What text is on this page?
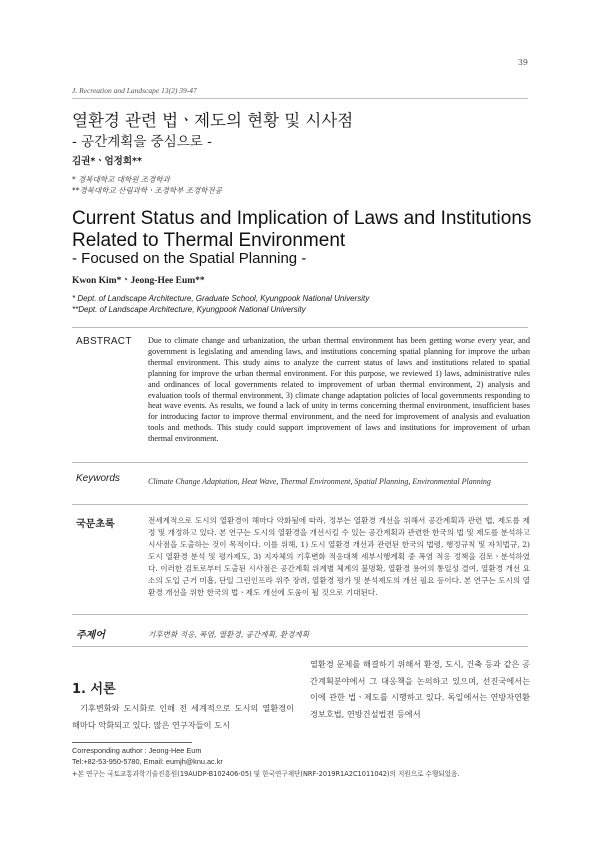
39
J. Recreation and Landscape 13(2) 39-47
열환경 관련 법ㆍ제도의 현황 및 시사점
- 공간계획을 중심으로 -
김권*ㆍ엄정희**
* 경북대학교 대학원 조경학과
**경북대학교 산림과학ㆍ조경학부 조경학전공
Current Status and Implication of Laws and Institutions Related to Thermal Environment
- Focused on the Spatial Planning -
Kwon Kim*ㆍJeong-Hee Eum**
* Dept. of Landscape Architecture, Graduate School, Kyungpook National University
**Dept. of Landscape Architecture, Kyungpook National University
ABSTRACT Due to climate change and urbanization, the urban thermal environment has been getting worse every year, and government is legislating and amending laws, and institutions concerning spatial planning for improve the urban thermal environment. This study aims to analyze the current status of laws and institutions related to spatial planning for improve the urban thermal environment. For this purpose, we reviewed 1) laws, administrative rules and ordinances of local governments related to improvement of urban thermal environment, 2) analysis and evaluation tools of thermal environment, 3) climate change adaptation policies of local governments responding to heat wave events. As results, we found a lack of unity in terms concerning thermal environment, insufficient bases for introducing factor to improve thermal environment, and the need for improvement of analysis and evaluation tools and methods. This study could support improvement of laws and institutions for improvement of urban thermal environment.
Keywords	Climate Change Adaptation, Heat Wave, Thermal Environment, Spatial Planning, Environmental Planning
국문초록	전세계적으로 도시의 열환경이 해마다 악화됨에 따라, 정부는 열환경 개선을 위해서 공간계획과 관련 법, 제도를 제정 및 개정하고 있다. 본 연구는 도시의 열환경을 개선시킬 수 있는 공간계획과 관련한 한국의 법 및 제도를 분석하고 시사점을 도출하는 것이 목적이다. 이를 위해, 1) 도시 열환경 개선과 관련된 한국의 법령, 행정규칙 및 자치법규, 2) 도시 열환경 분석 및 평가제도, 3) 지자체의 기후변화 적응대책 세부시행계획 중 폭염 적응 정책을 검토ㆍ분석하였다. 이러한 검토로부터 도출된 시사점은 공간계획 위계별 체계의 불명확, 열환경 용어의 통일성 결여, 열환경 개선 요소의 도입 근거 미흡, 단일 그린인프라 위주 장려, 열환경 평가 및 분석제도의 개선 필요 등이다. 본 연구는 도시의 열환경 개선을 위한 한국의 법ㆍ제도 개선에 도움이 될 것으로 기대된다.
주제어	기후변화 적응, 폭염, 열환경, 공간계획, 환경계획
1. 서론
기후변화와 도시화로 인해 전 세계적으로 도시의 열환경이 해마다 악화되고 있다. 많은 연구자들이 도시
열환경 문제를 해결하기 위해서 환경, 도시, 건축 등과 같은 공간계획분야에서 그 대응책을 논의하고 있으며, 선진국에서는 이에 관한 법ㆍ제도를 시행하고 있다. 독일에서는 연방자연환경보호법, 연방건설법전 등에서
Corresponding author : Jeong-Hee Eum
Tel:+82-53-950-5780, Email: eumjh@knu.ac.kr
+본 연구는 국토교통과학기술진흥원(19AUDP-B102406-05) 및 한국연구재단(NRF-2019R1A2C1011042)의 지원으로 수행되었음.
